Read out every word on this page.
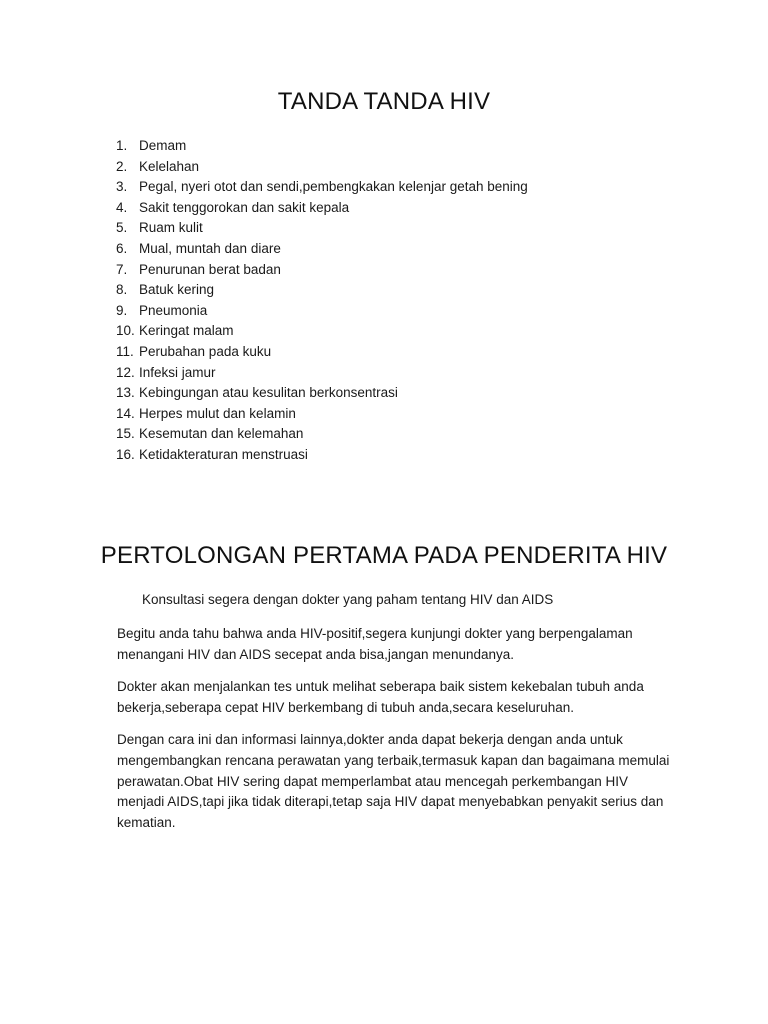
TANDA TANDA HIV
1. Demam
2. Kelelahan
3. Pegal, nyeri otot dan sendi,pembengkakan kelenjar getah bening
4. Sakit tenggorokan dan sakit kepala
5. Ruam kulit
6. Mual, muntah dan diare
7. Penurunan berat badan
8. Batuk kering
9. Pneumonia
10. Keringat malam
11. Perubahan pada kuku
12. Infeksi jamur
13. Kebingungan atau kesulitan berkonsentrasi
14. Herpes mulut dan kelamin
15. Kesemutan dan kelemahan
16. Ketidakteraturan menstruasi
PERTOLONGAN PERTAMA PADA PENDERITA HIV
Konsultasi segera dengan dokter yang paham tentang HIV dan AIDS

Begitu anda tahu bahwa anda HIV-positif,segera kunjungi dokter yang berpengalaman menangani HIV dan AIDS secepat anda bisa,jangan menundanya.

Dokter akan menjalankan tes untuk melihat seberapa baik sistem kekebalan tubuh anda bekerja,seberapa cepat HIV berkembang di tubuh anda,secara keseluruhan.

Dengan cara ini dan informasi lainnya,dokter anda dapat bekerja dengan anda untuk mengembangkan rencana perawatan yang terbaik,termasuk kapan dan bagaimana memulai perawatan.Obat HIV sering dapat memperlambat atau mencegah perkembangan HIV menjadi AIDS,tapi jika tidak diterapi,tetap saja HIV dapat menyebabkan penyakit serius dan kematian.
